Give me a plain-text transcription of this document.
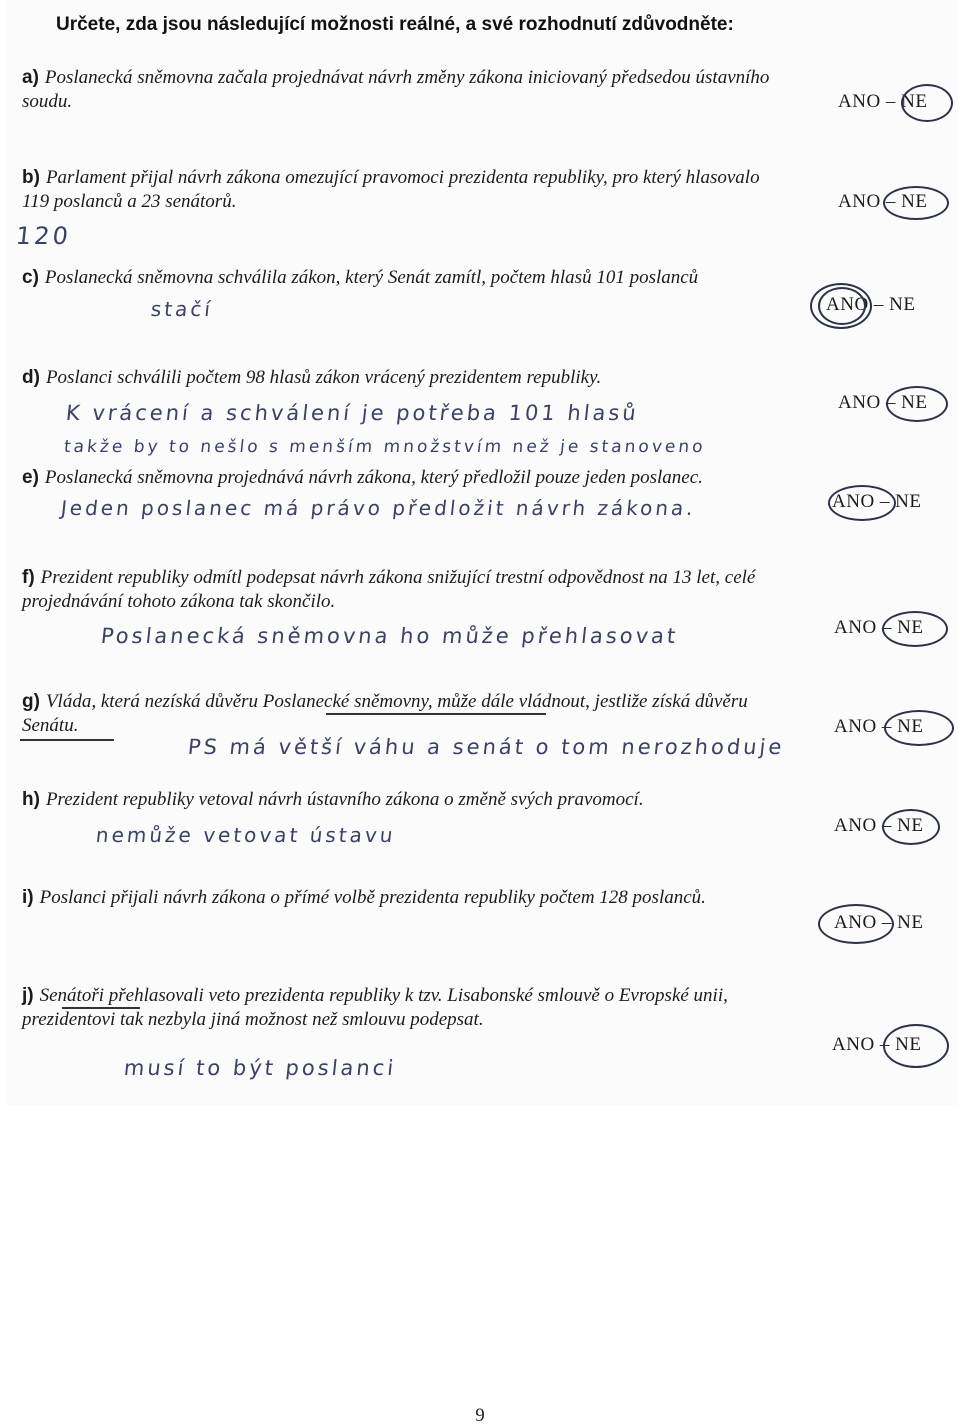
Určete, zda jsou následující možnosti reálné, a své rozhodnutí zdůvodněte:
a) Poslanecká sněmovna začala projednávat návrh změny zákona iniciovaný předsedou ústavního
soudu.	ANO – NE
b) Parlament přijal návrh zákona omezující pravomoci prezidenta republiky, pro který hlasovalo
119 poslanců a 23 senátorů.	ANO – NE
120
c) Poslanecká sněmovna schválila zákon, který Senát zamítl, počtem hlasů 101 poslanců
ANO – NE
stačí
d) Poslanci schválili počtem 98 hlasů zákon vrácený prezidentem republiky.
ANO – NE
K vrácení a schválení je potřeba 101 hlasů
takže by to nešlo s menším množstvím než je stanoveno
e) Poslanecká sněmovna projednává návrh zákona, který předložil pouze jeden poslanec.
ANO – NE
Jeden poslanec má právo předložit návrh zákona.
f) Prezident republiky odmítl podepsat návrh zákona snižující trestní odpovědnost na 13 let, celé
projednávání tohoto zákona tak skončilo.
ANO – NE
Poslanecká sněmovna ho může přehlasovat
g) Vláda, která nezíská důvěru Poslanecké sněmovny, může dále vládnout, jestliže získá důvěru
Senátu.	ANO – NE
PS má větší váhu a senát o tom nerozhoduje
h) Prezident republiky vetoval návrh ústavního zákona o změně svých pravomocí.
ANO – NE
nemůže vetovat ústavu
i) Poslanci přijali návrh zákona o přímé volbě prezidenta republiky počtem 128 poslanců.
ANO – NE
j) Senátoři přehlasovali veto prezidenta republiky k tzv. Lisabonské smlouvě o Evropské unii,
prezidentovi tak nezbyla jiná možnost než smlouvu podepsat.
ANO – NE
musí to být poslanci
9
